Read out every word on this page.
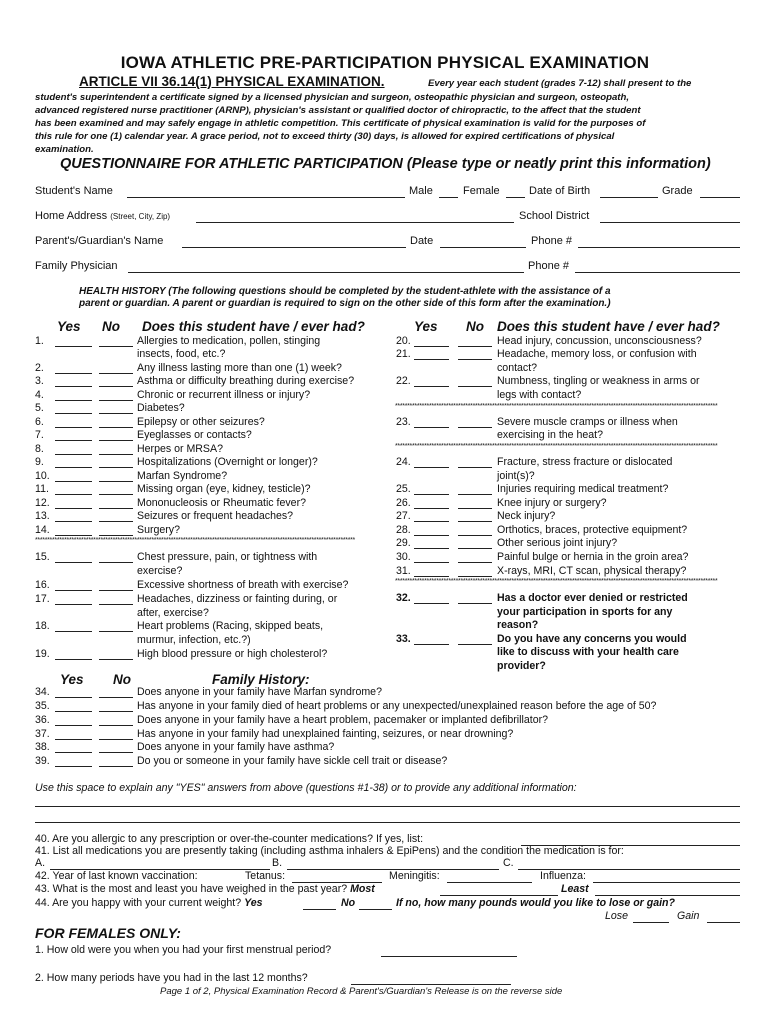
IOWA ATHLETIC PRE-PARTICIPATION PHYSICAL EXAMINATION
ARTICLE VII 36.14(1) PHYSICAL EXAMINATION.	Every year each student (grades 7-12) shall present to the
student's superintendent a certificate signed by a licensed physician and surgeon, osteopathic physician and surgeon, osteopath,
advanced registered nurse practitioner (ARNP), physician's assistant or qualified doctor of chiropractic, to the affect that the student
has been examined and may safely engage in athletic competition. This certificate of physical examination is valid for the purposes of
this rule for one (1) calendar year. A grace period, not to exceed thirty (30) days, is allowed for expired certifications of physical
examination.
QUESTIONNAIRE FOR ATHLETIC PARTICIPATION (Please type or neatly print this information)
Student's Name	Male	Female	Date of Birth	Grade
Home Address (Street, City, Zip)	School District
Parent's/Guardian's Name	Date	Phone #
Family Physician	Phone #
HEALTH HISTORY (The following questions should be completed by the student-athlete with the assistance of a
parent or guardian. A parent or guardian is required to sign on the other side of this form after the examination.)
Yes No Does this student have / ever had?	Yes No Does this student have / ever had?
1.	Allergies to medication, pollen, stinging
insects, food, etc.?
2.	Any illness lasting more than one (1) week?
3.	Asthma or difficulty breathing during exercise?
4.	Chronic or recurrent illness or injury?
5.	Diabetes?
6.	Epilepsy or other seizures?
7.	Eyeglasses or contacts?
8.	Herpes or MRSA?
9.	Hospitalizations (Overnight or longer)?
10.	Marfan Syndrome?
11.	Missing organ (eye, kidney, testicle)?
12.	Mononucleosis or Rheumatic fever?
13.	Seizures or frequent headaches?
14.	Surgery?
************************************************************************************************************************************
15.	Chest pressure, pain, or tightness with
exercise?
16.	Excessive shortness of breath with exercise?
17.	Headaches, dizziness or fainting during, or
after, exercise?
18.	Heart problems (Racing, skipped beats,
murmur, infection, etc.?)
19.	High blood pressure or high cholesterol?
20.	Head injury, concussion, unconsciousness?
21.	Headache, memory loss, or confusion with
contact?
22.	Numbness, tingling or weakness in arms or
legs with contact?
23.	Severe muscle cramps or illness when
exercising in the heat?
24.	Fracture, stress fracture or dislocated
joint(s)?
25.	Injuries requiring medical treatment?
26.	Knee injury or surgery?
27.	Neck injury?
28.	Orthotics, braces, protective equipment?
29.	Other serious joint injury?
30.	Painful bulge or hernia in the groin area?
31.	X-rays, MRI, CT scan, physical therapy?
32.	Has a doctor ever denied or restricted
your participation in sports for any
reason?
33.	Do you have any concerns you would
like to discuss with your health care
provider?
*************************************************************************************************************************************
*************************************************************************************************************************************
*************************************************************************************************************************************
Yes No	Family History:
34.	Does anyone in your family have Marfan syndrome?
35.	Has anyone in your family died of heart problems or any unexpected/unexplained reason before the age of 50?
36.	Does anyone in your family have a heart problem, pacemaker or implanted defibrillator?
37.	Has anyone in your family had unexplained fainting, seizures, or near drowning?
38.	Does anyone in your family have asthma?
39.	Do you or someone in your family have sickle cell trait or disease?
Use this space to explain any "YES" answers from above (questions #1-38) or to provide any additional information:
40. Are you allergic to any prescription or over-the-counter medications? If yes, list:
41. List all medications you are presently taking (including asthma inhalers & EpiPens) and the condition the medication is for:
A.	B.	C.
42. Year of last known vaccination:	Tetanus:	Meningitis:	Influenza:
43. What is the most and least you have weighed in the past year? Most	Least
44. Are you happy with your current weight? Yes	No	If no, how many pounds would you like to lose or gain?
Lose	Gain
FOR FEMALES ONLY:
1. How old were you when you had your first menstrual period?
2. How many periods have you had in the last 12 months?
Page 1 of 2, Physical Examination Record & Parent's/Guardian's Release is on the reverse side
